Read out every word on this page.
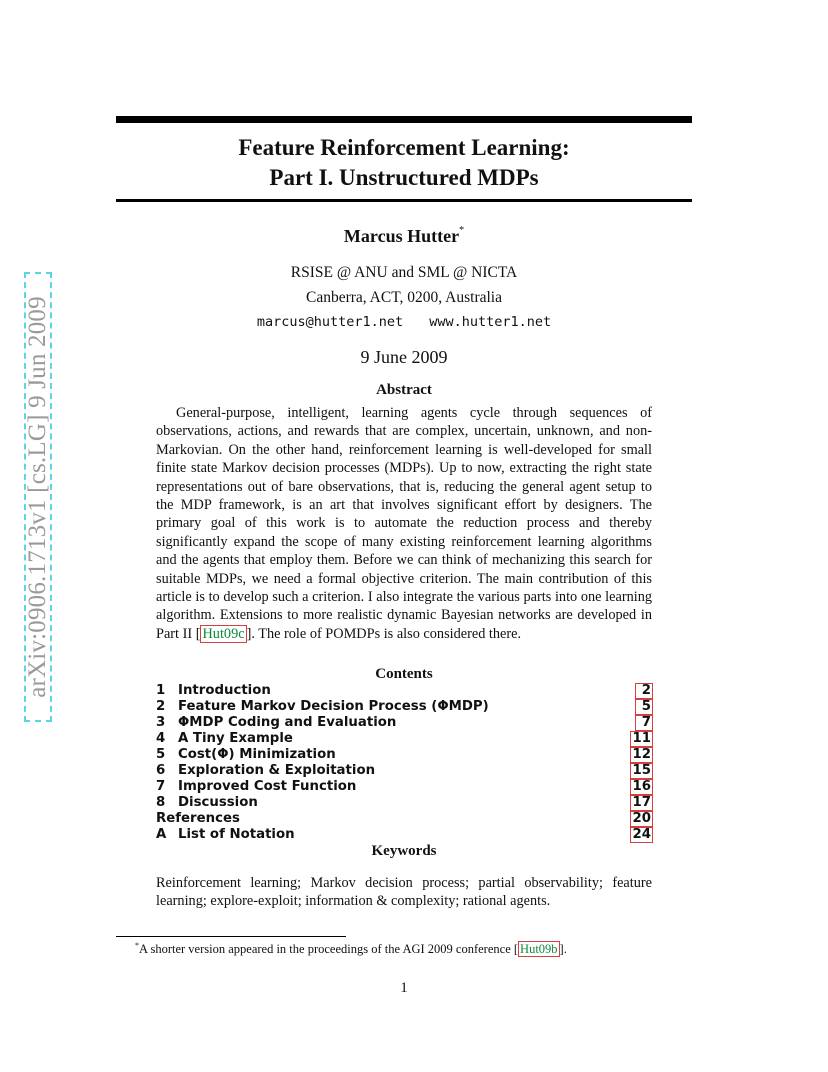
arXiv:0906.1713v1 [cs.LG] 9 Jun 2009
Feature Reinforcement Learning:
Part I. Unstructured MDPs
Marcus Hutter*
RSISE @ ANU and SML @ NICTA
Canberra, ACT, 0200, Australia
marcus@hutter1.net www.hutter1.net
9 June 2009
Abstract

General-purpose, intelligent, learning agents cycle through sequences of observations, actions, and rewards that are complex, uncertain, unknown, and non-Markovian. On the other hand, reinforcement learning is well-developed for small finite state Markov decision processes (MDPs). Up to now, extracting the right state representations out of bare observations, that is, reducing the general agent setup to the MDP framework, is an art that involves significant effort by designers. The primary goal of this work is to automate the reduction process and thereby significantly expand the scope of many existing reinforcement learning algorithms and the agents that employ them. Before we can think of mechanizing this search for suitable MDPs, we need a formal objective criterion. The main contribution of this article is to develop such a criterion. I also integrate the various parts into one learning algorithm. Extensions to more realistic dynamic Bayesian networks are developed in Part II [ Hut09c ]. The role of POMDPs is also considered there.

Contents
1 Introduction	2
2 Feature Markov Decision Process (ΦMDP)	5
3 ΦMDP Coding and Evaluation	7
4 A Tiny Example	11
5 Cost(Φ) Minimization	12
6 Exploration & Exploitation	15
7 Improved Cost Function	16
8 Discussion	17
References	20
A List of Notation	24
Keywords

Reinforcement learning; Markov decision process; partial observability; feature learning; explore-exploit; information & complexity; rational agents.

*A shorter version appeared in the proceedings of the AGI 2009 conference [ Hut09b ].
1
